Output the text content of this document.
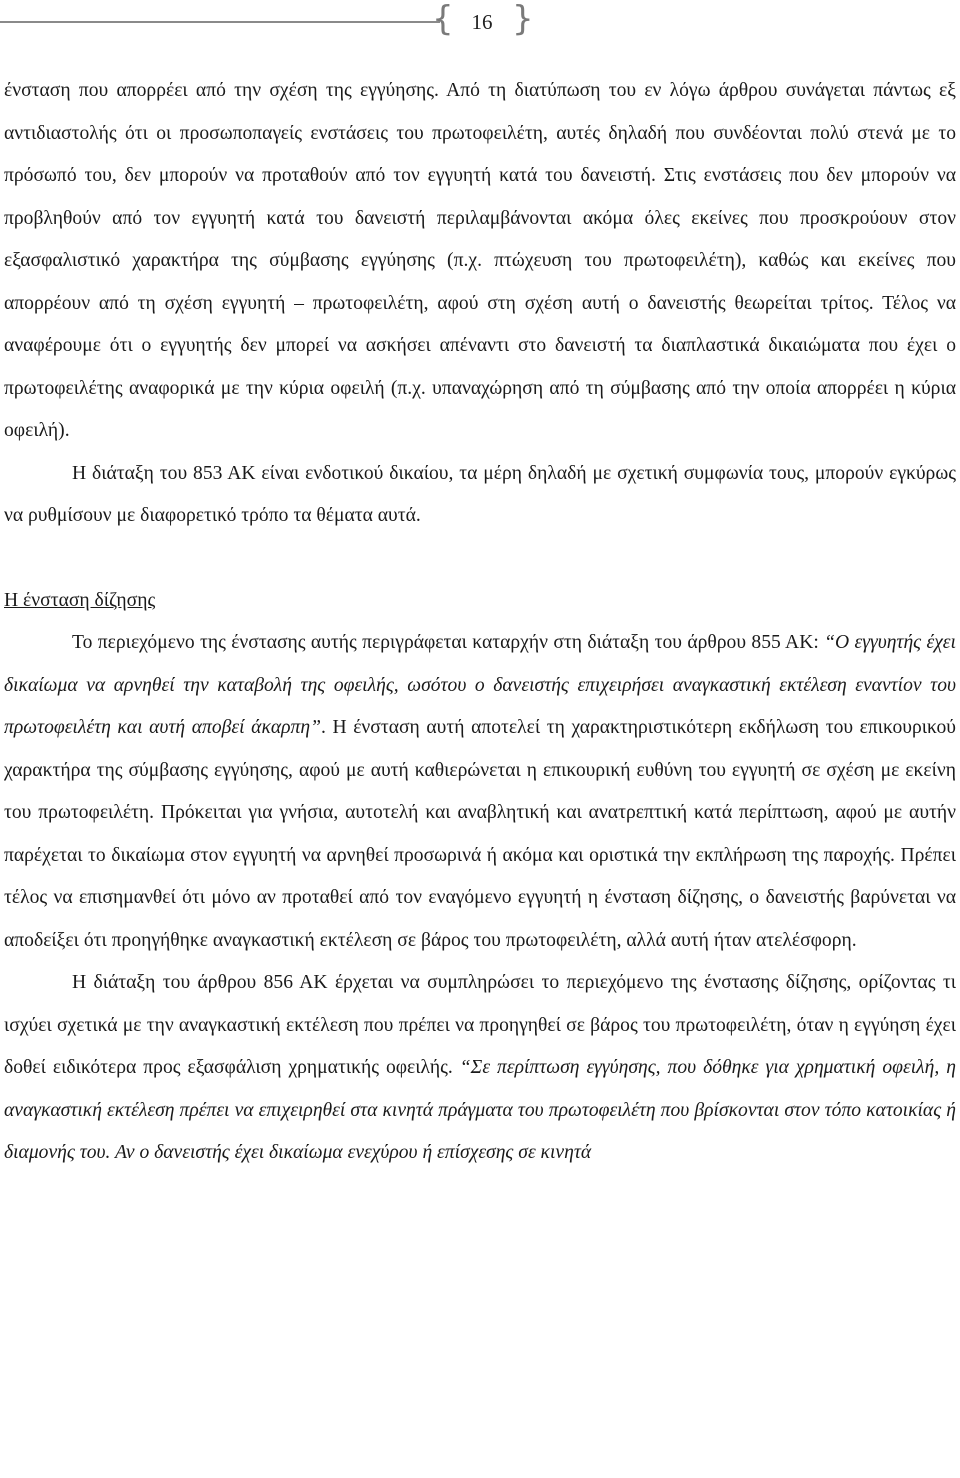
{ 16 }

ένσταση που απορρέει από την σχέση της εγγύησης. Από τη διατύπωση του εν λόγω άρθρου συνάγεται πάντως εξ αντιδιαστολής ότι οι προσωποπαγείς ενστάσεις του πρωτοφειλέτη, αυτές δηλαδή που συνδέονται πολύ στενά με το πρόσωπό του, δεν μπορούν να προταθούν από τον εγγυητή κατά του δανειστή. Στις ενστάσεις που δεν μπορούν να προβληθούν από τον εγγυητή κατά του δανειστή περιλαμβάνονται ακόμα όλες εκείνες που προσκρούουν στον εξασφαλιστικό χαρακτήρα της σύμβασης εγγύησης (π.χ. πτώχευση του πρωτοφειλέτη), καθώς και εκείνες που απορρέουν από τη σχέση εγγυητή – πρωτοφειλέτη, αφού στη σχέση αυτή ο δανειστής θεωρείται τρίτος. Τέλος να αναφέρουμε ότι ο εγγυητής δεν μπορεί να ασκήσει απέναντι στο δανειστή τα διαπλαστικά δικαιώματα που έχει ο πρωτοφειλέτης αναφορικά με την κύρια οφειλή (π.χ. υπαναχώρηση από τη σύμβασης από την οποία απορρέει η κύρια οφειλή).

Η διάταξη του 853 ΑΚ είναι ενδοτικού δικαίου, τα μέρη δηλαδή με σχετική συμφωνία τους, μπορούν εγκύρως να ρυθμίσουν με διαφορετικό τρόπο τα θέματα αυτά.

Η ένσταση δίζησης

Το περιεχόμενο της ένστασης αυτής περιγράφεται καταρχήν στη διάταξη του άρθρου 855 ΑΚ: “Ο εγγυητής έχει δικαίωμα να αρνηθεί την καταβολή της οφειλής, ωσότου ο δανειστής επιχειρήσει αναγκαστική εκτέλεση εναντίον του πρωτοφειλέτη και αυτή αποβεί άκαρπη”. Η ένσταση αυτή αποτελεί τη χαρακτηριστικότερη εκδήλωση του επικουρικού χαρακτήρα της σύμβασης εγγύησης, αφού με αυτή καθιερώνεται η επικουρική ευθύνη του εγγυητή σε σχέση με εκείνη του πρωτοφειλέτη. Πρόκειται για γνήσια, αυτοτελή και αναβλητική και ανατρεπτική κατά περίπτωση, αφού με αυτήν παρέχεται το δικαίωμα στον εγγυητή να αρνηθεί προσωρινά ή ακόμα και οριστικά την εκπλήρωση της παροχής. Πρέπει τέλος να επισημανθεί ότι μόνο αν προταθεί από τον εναγόμενο εγγυητή η ένσταση δίζησης, ο δανειστής βαρύνεται να αποδείξει ότι προηγήθηκε αναγκαστική εκτέλεση σε βάρος του πρωτοφειλέτη, αλλά αυτή ήταν ατελέσφορη.

Η διάταξη του άρθρου 856 ΑΚ έρχεται να συμπληρώσει το περιεχόμενο της ένστασης δίζησης, ορίζοντας τι ισχύει σχετικά με την αναγκαστική εκτέλεση που πρέπει να προηγηθεί σε βάρος του πρωτοφειλέτη, όταν η εγγύηση έχει δοθεί ειδικότερα προς εξασφάλιση χρηματικής οφειλής. “Σε περίπτωση εγγύησης, που δόθηκε για χρηματική οφειλή, η αναγκαστική εκτέλεση πρέπει να επιχειρηθεί στα κινητά πράγματα του πρωτοφειλέτη που βρίσκονται στον τόπο κατοικίας ή διαμονής του. Αν ο δανειστής έχει δικαίωμα ενεχύρου ή επίσχεσης σε κινητά
